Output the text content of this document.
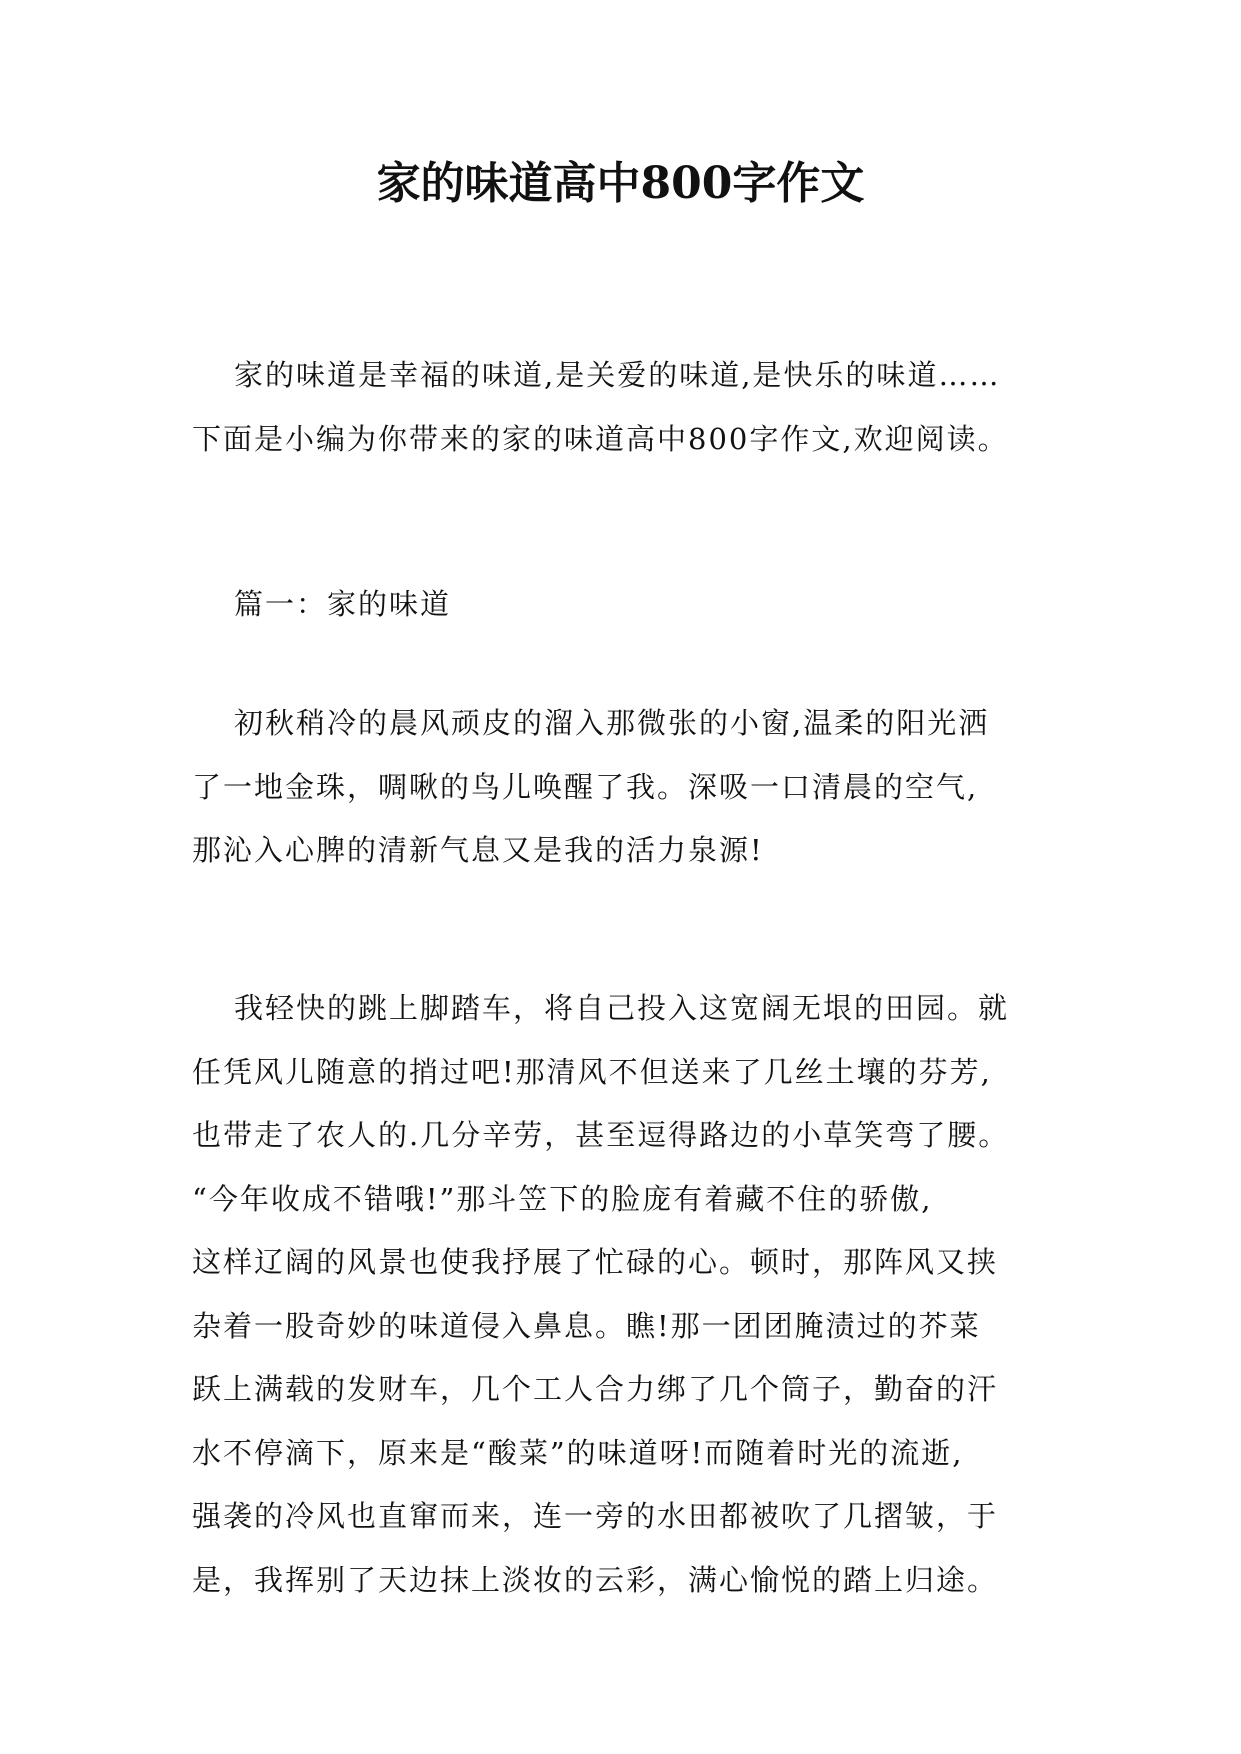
家的味道高中800字作文
家的味道是幸福的味道,是关爱的味道,是快乐的味道……
下面是小编为你带来的家的味道高中800字作文,欢迎阅读。
篇一：家的味道
初秋稍冷的晨风顽皮的溜入那微张的小窗,温柔的阳光洒
了一地金珠，啁啾的鸟儿唤醒了我。深吸一口清晨的空气,
那沁入心脾的清新气息又是我的活力泉源!
我轻快的跳上脚踏车，将自己投入这宽阔无垠的田园。就
任凭风儿随意的捎过吧!那清风不但送来了几丝土壤的芬芳,
也带走了农人的.几分辛劳，甚至逗得路边的小草笑弯了腰。
“今年收成不错哦!”那斗笠下的脸庞有着藏不住的骄傲,
这样辽阔的风景也使我抒展了忙碌的心。顿时，那阵风又挟
杂着一股奇妙的味道侵入鼻息。瞧!那一团团腌渍过的芥菜
跃上满载的发财车，几个工人合力绑了几个筒子，勤奋的汗
水不停滴下，原来是“酸菜”的味道呀!而随着时光的流逝,
强袭的冷风也直窜而来，连一旁的水田都被吹了几摺皱，于
是，我挥别了天边抹上淡妆的云彩，满心愉悦的踏上归途。
